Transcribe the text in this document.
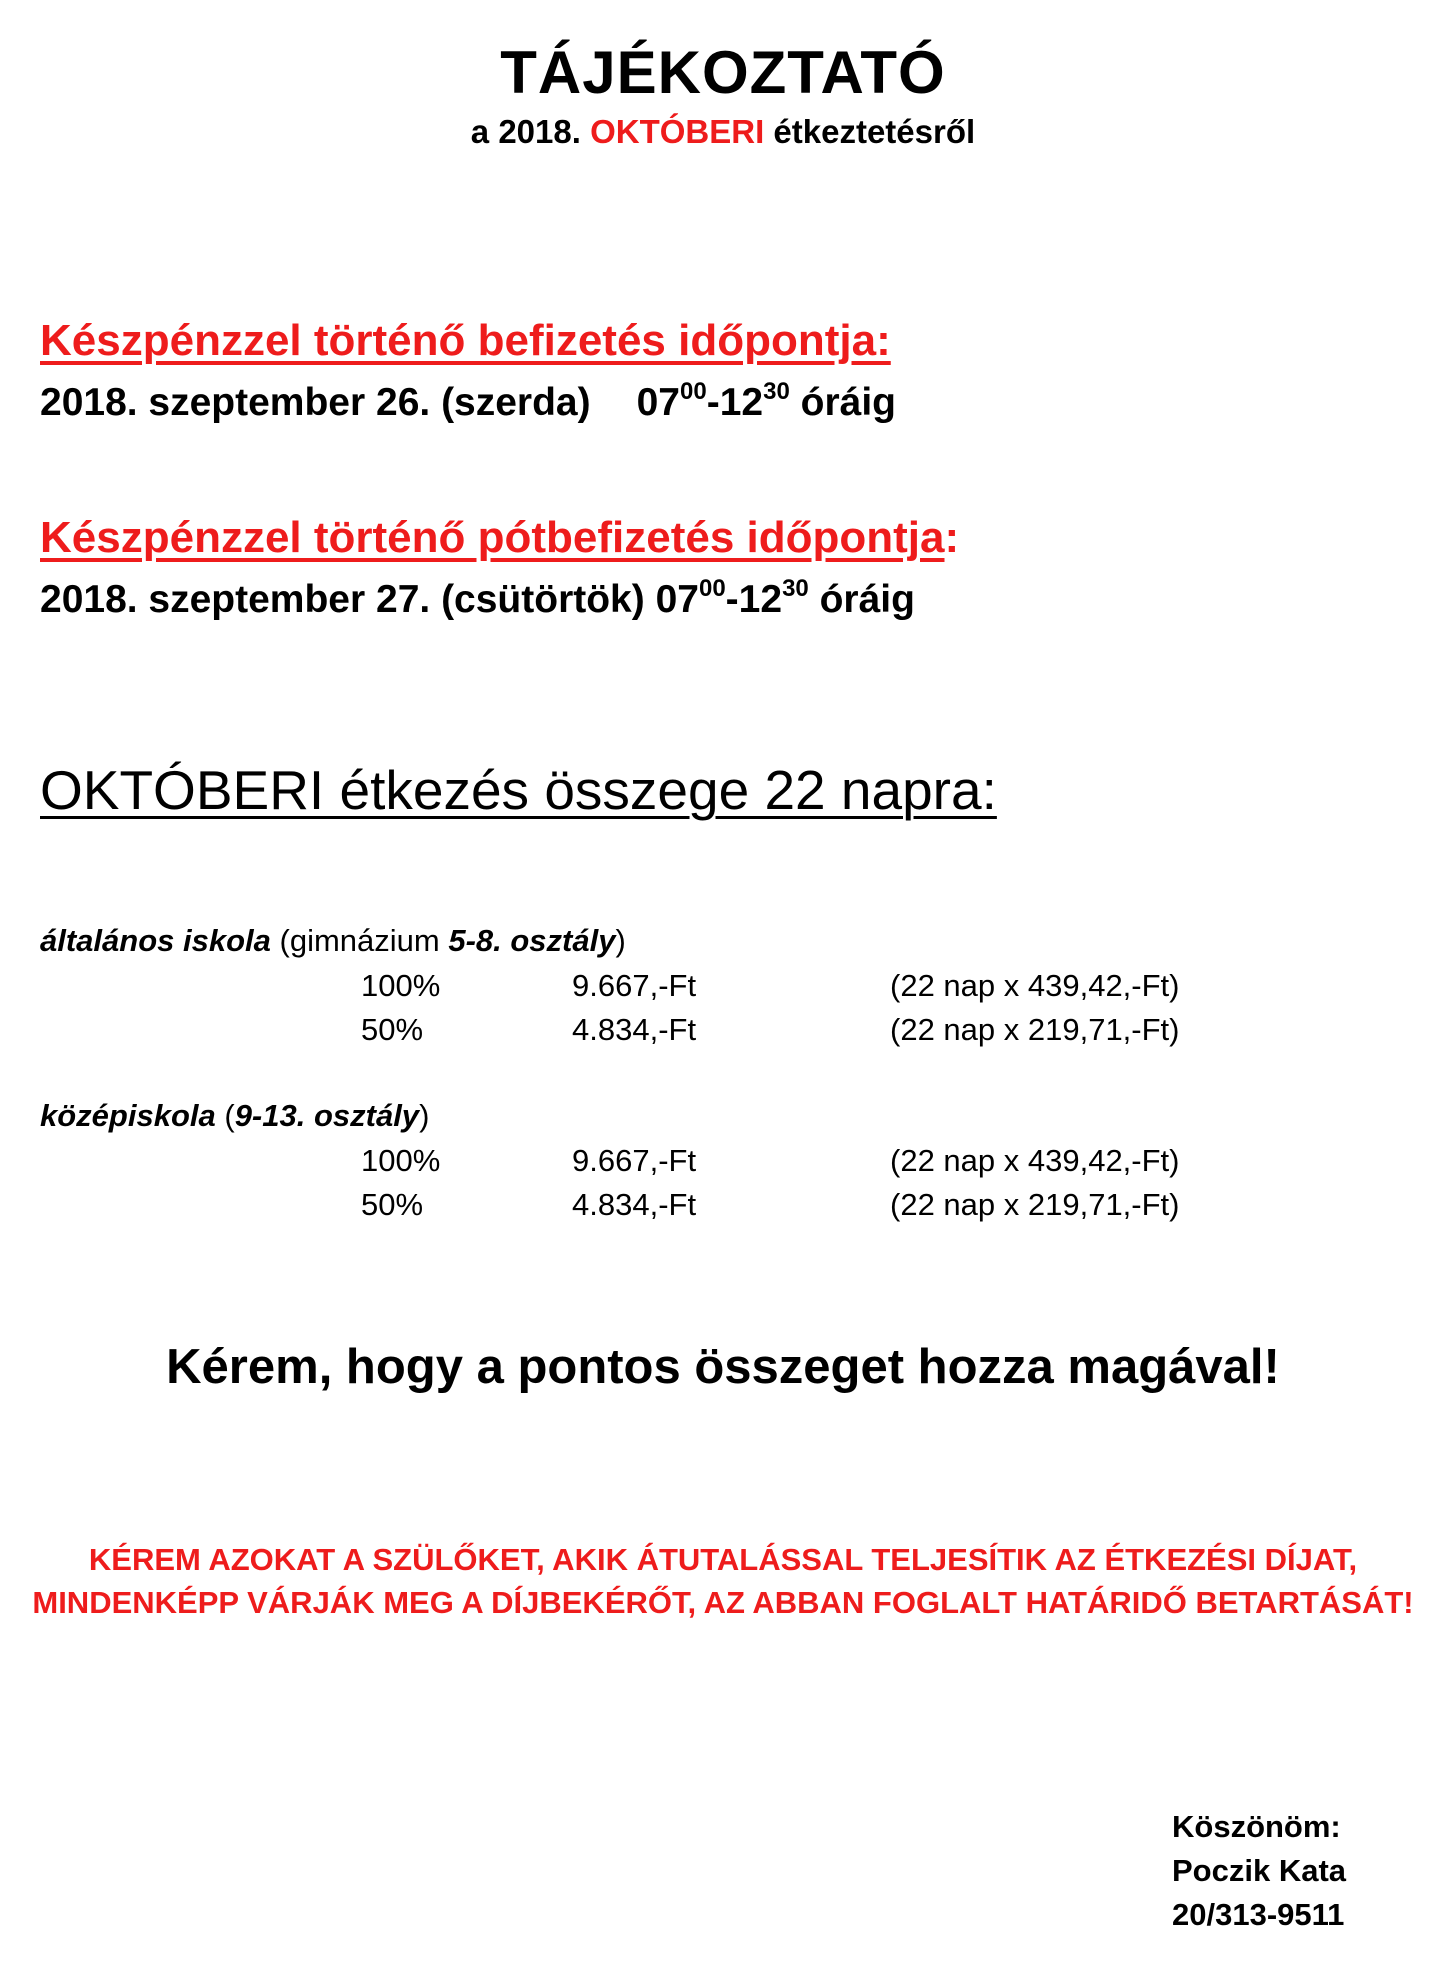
TÁJÉKOZTATÓ
a 2018. OKTÓBERI étkeztetésről
Készpénzzel történő befizetés időpontja:
2018. szeptember 26. (szerda) $07^{00}-12^{30}$ óráig
Készpénzzel történő pótbefizetés időpontja:
2018. szeptember 27. (csütörtök) $07^{00}-12^{30}$ óráig
OKTÓBERI étkezés összege 22 napra:
általános iskola (gimnázium 5-8. osztály)
100%	9.667,-Ft	(22 nap x 439,42,-Ft)
50%	4.834,-Ft	(22 nap x 219,71,-Ft)
középiskola (9-13. osztály)
100%	9.667,-Ft	(22 nap x 439,42,-Ft)
50%	4.834,-Ft	(22 nap x 219,71,-Ft)
Kérem, hogy a pontos összeget hozza magával!
KÉREM AZOKAT A SZÜLŐKET, AKIK ÁTUTALÁSSAL TELJESÍTIK AZ ÉTKEZÉSI DÍJAT, MINDENKÉPP VÁRJÁK MEG A DÍJBEKÉRŐT, AZ ABBAN FOGLALT HATÁRIDŐ BETARTÁSÁT!
Köszönöm:
Poczik Kata
20/313-9511
